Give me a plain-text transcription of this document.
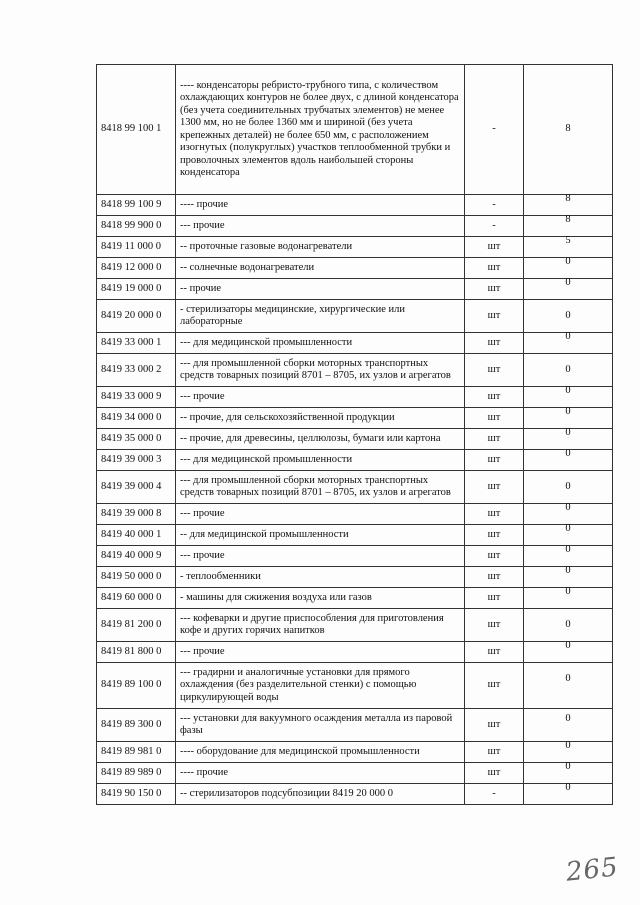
8418 99 100 1	---- конденсаторы ребристо-трубного типа, с количеством охлаждающих контуров не более двух, с длиной конденсатора (без учета соединительных трубчатых элементов) не менее 1300 мм, но не более 1360 мм и шириной (без учета крепежных деталей) не более 650 мм, с расположением изогнутых (полукруглых) участков теплообменной трубки и проволочных элементов вдоль наибольшей стороны конденсатора	-	8
8418 99 100 9	---- прочие	-	8

8418 99 900 0	--- прочие	-	8

8419 11 000 0	-- проточные газовые водонагреватели	шт	5

8419 12 000 0	-- солнечные водонагреватели	шт	0

8419 19 000 0	-- прочие	шт	0

8419 20 000 0	- стерилизаторы медицинские, хирургические или лабораторные	шт	0
8419 33 000 1	--- для медицинской промышленности	шт	0

8419 33 000 2	--- для промышленной сборки моторных транспортных средств товарных позиций 8701 – 8705, их узлов и агрегатов	шт	0
8419 33 000 9	--- прочие	шт	0

8419 34 000 0	-- прочие, для сельскохозяйственной продукции	шт	0

8419 35 000 0	-- прочие, для древесины, целлюлозы, бумаги или картона	шт	0

8419 39 000 3	--- для медицинской промышленности	шт	0

8419 39 000 4	--- для промышленной сборки моторных транспортных средств товарных позиций 8701 – 8705, их узлов и агрегатов	шт	0
8419 39 000 8	--- прочие	шт	0

8419 40 000 1	-- для медицинской промышленности	шт	0

8419 40 000 9	--- прочие	шт	0

8419 50 000 0	- теплообменники	шт	0

8419 60 000 0	- машины для сжижения воздуха или газов	шт	0

8419 81 200 0	--- кофеварки и другие приспособления для приготовления кофе и других горячих напитков	шт	0
8419 81 800 0	--- прочие	шт	0

8419 89 100 0	--- градирни и аналогичные установки для прямого охлаждения (без разделительной стенки) с помощью циркулирующей воды	шт	0

8419 89 300 0	--- установки для вакуумного осаждения металла из паровой фазы	шт	0

8419 89 981 0	---- оборудование для медицинской промышленности	шт	0

8419 89 989 0	---- прочие	шт	0

8419 90 150 0	-- стерилизаторов подсубпозиции 8419 20 000 0	-	0
265
